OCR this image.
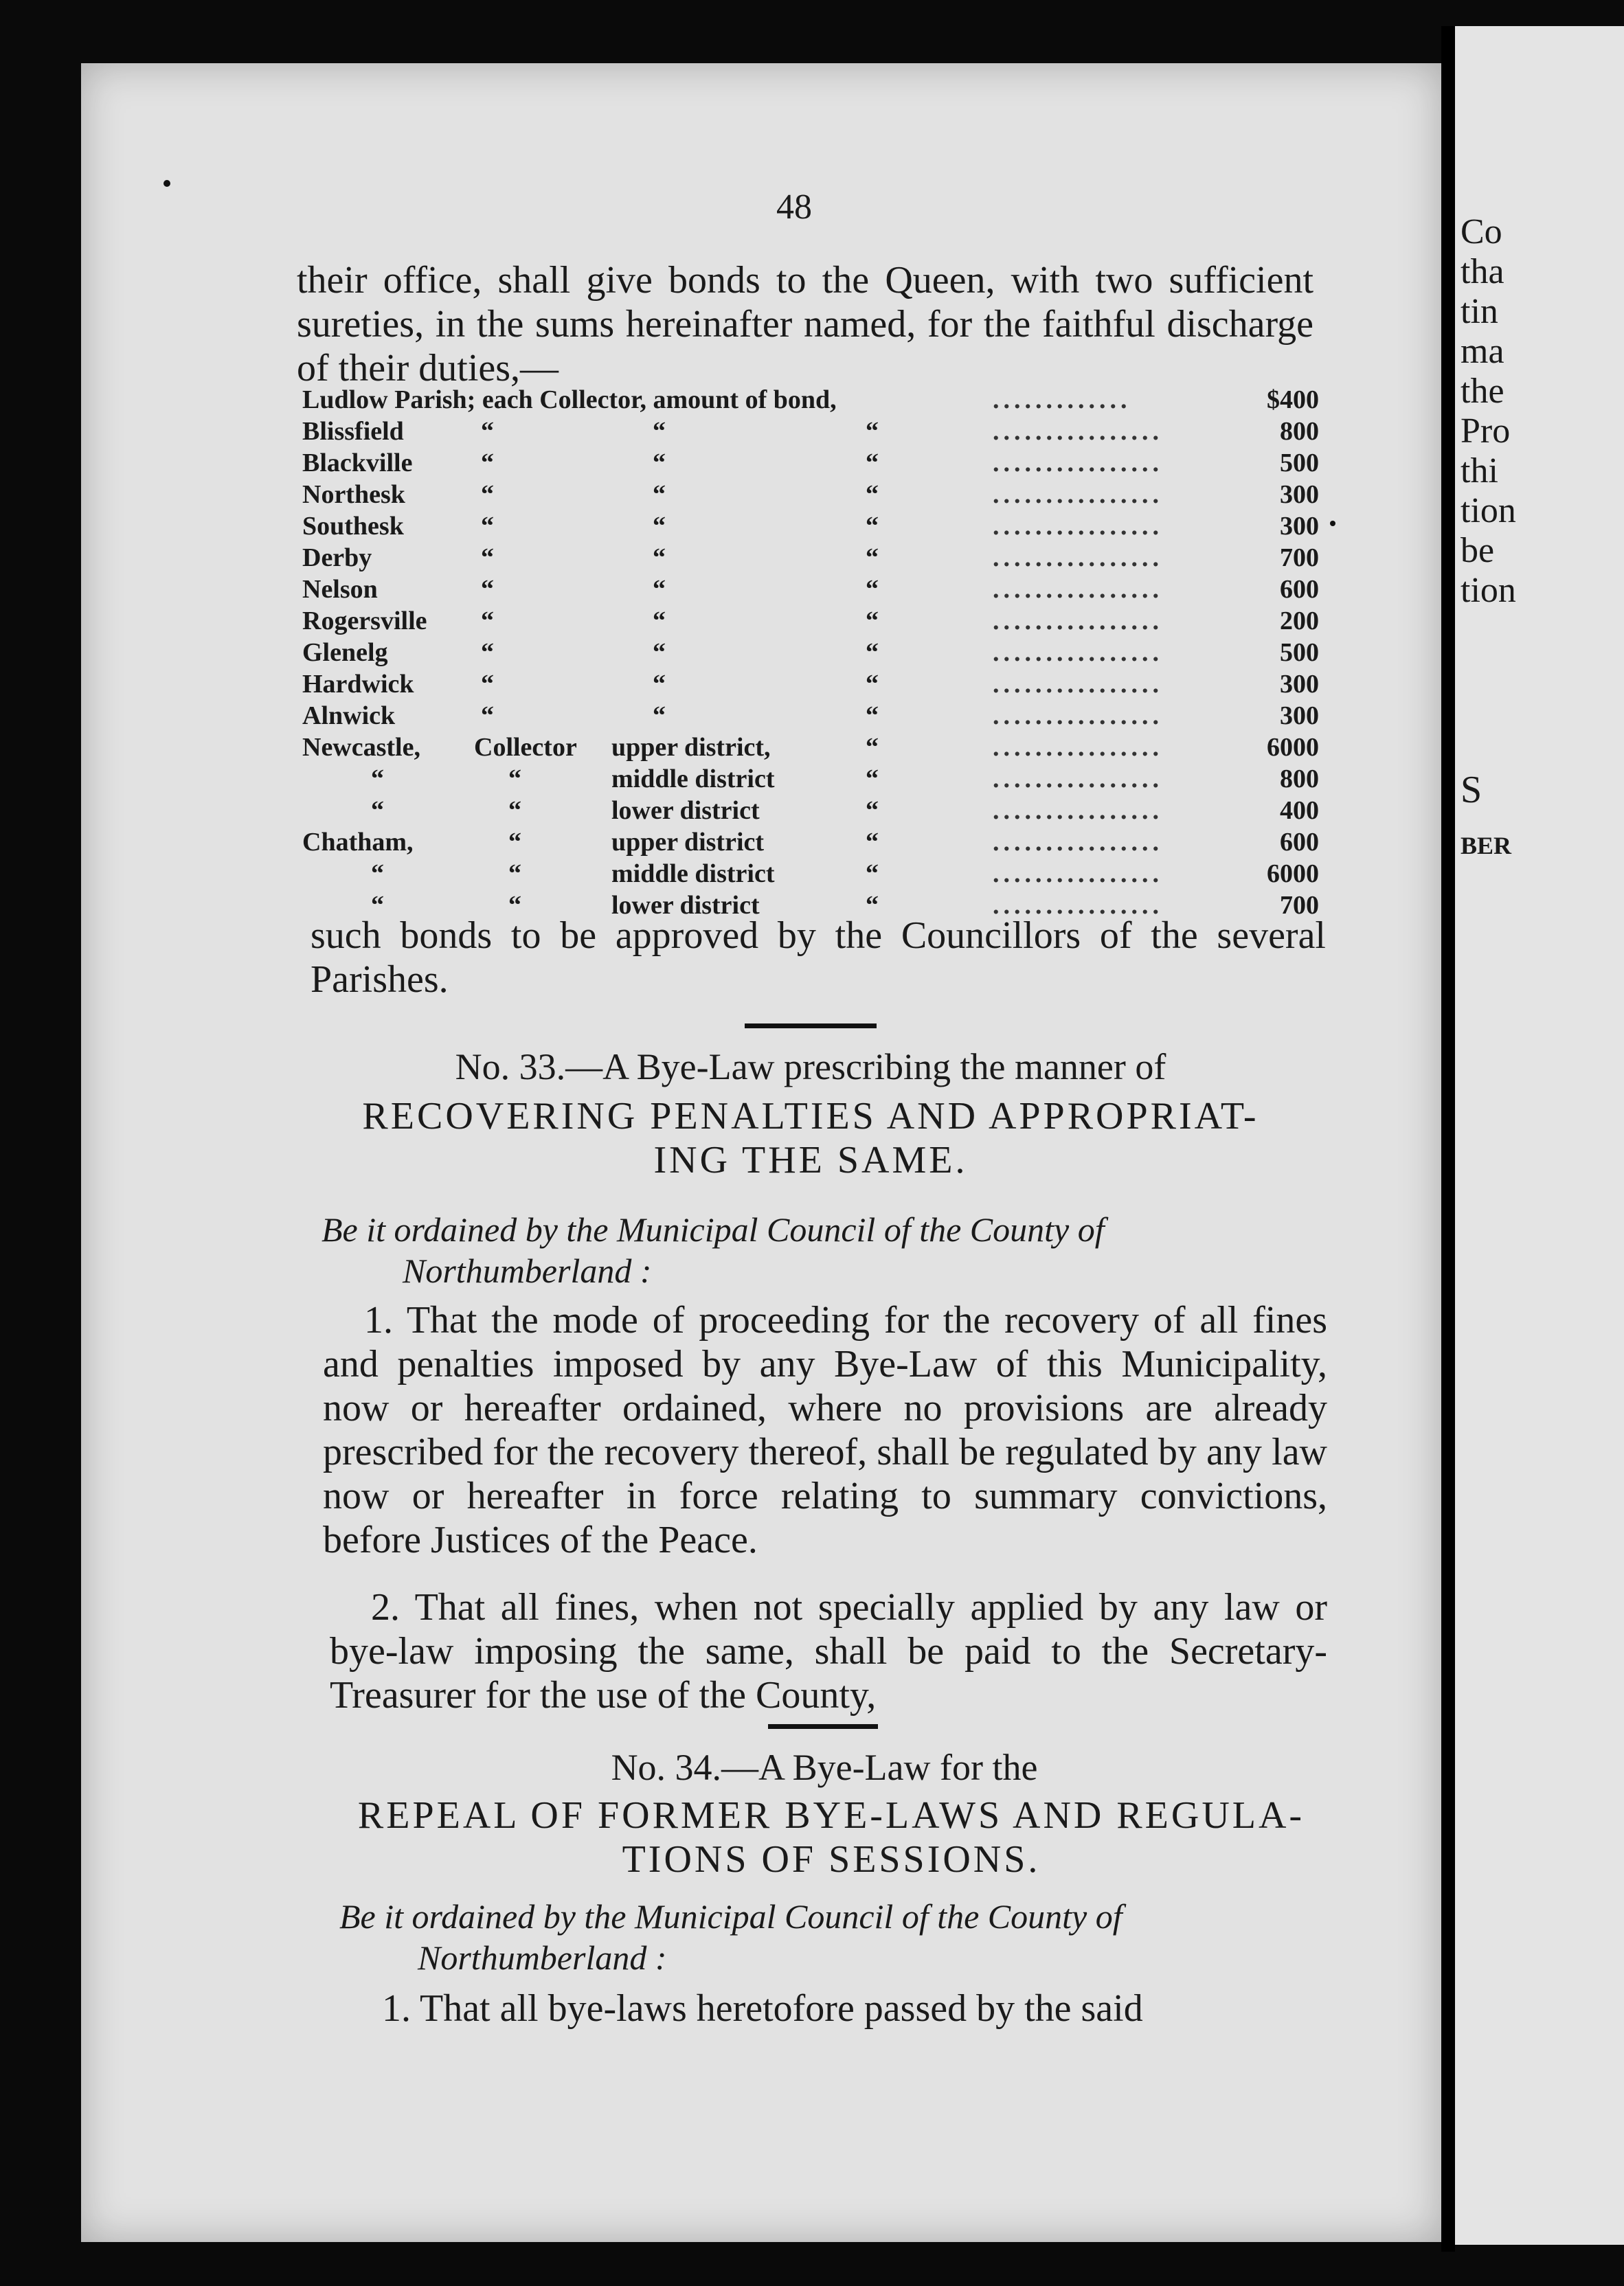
Co
tha
tin
ma
the
Pro
thi
tion
be
tion
S
BER
48

their office, shall give bonds to the Queen, with two sufficient sureties, in the sums hereinafter named, for the faithful discharge of their duties,—

Ludlow Parish; each Collector, amount of bond,	.............	$400
Blissfield	“	“	“	................	800
Blackville	“	“	“	................	500
Northesk	“	“	“	................	300
Southesk	“	“	“	................	300
Derby	“	“	“	................	700
Nelson	“	“	“	................	600
Rogersville “	“	“	................	200
Glenelg	“	“	“	................	500
Hardwick	“	“	“	................	300
Alnwick	“	“	“	................	300
Newcastle, Collector upper district,	“	................	6000
“	“	middle district	“	................	800
“	“	lower district	“	................	400
Chatham,	“	upper district	“	................	600
“	“	middle district	“	................	6000
“	“	lower district	“	................	700

such bonds to be approved by the Councillors of the several Parishes.

No. 33.—A Bye-Law prescribing the manner of
RECOVERING PENALTIES AND APPROPRIAT-
ING THE SAME.

Be it ordained by the Municipal Council of the County of

Northumberland :

1. That the mode of proceeding for the recovery of all fines and penalties imposed by any Bye-Law of this Municipality, now or hereafter ordained, where no provisions are already prescribed for the recovery thereof, shall be regulated by any law now or hereafter in force relating to summary convictions, before Justices of the Peace.

2. That all fines, when not specially applied by any law or bye-law imposing the same, shall be paid to the Secretary-Treasurer for the use of the County,

No. 34.—A Bye-Law for the
REPEAL OF FORMER BYE-LAWS AND REGULA-
TIONS OF SESSIONS.

Be it ordained by the Municipal Council of the County of

Northumberland :

1. That all bye-laws heretofore passed by the said
